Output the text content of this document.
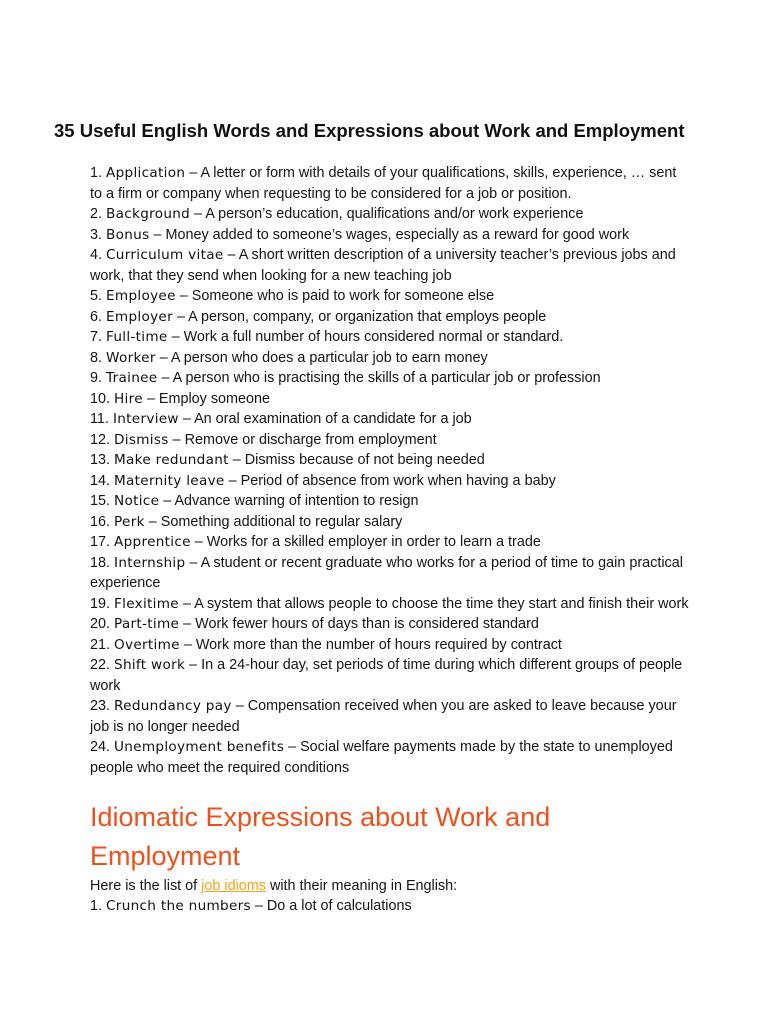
35 Useful English Words and Expressions about Work and Employment
1. Application – A letter or form with details of your qualifications, skills, experience, … sent to a firm or company when requesting to be considered for a job or position.
2. Background – A person’s education, qualifications and/or work experience
3. Bonus – Money added to someone’s wages, especially as a reward for good work
4. Curriculum vitae – A short written description of a university teacher’s previous jobs and work, that they send when looking for a new teaching job
5. Employee – Someone who is paid to work for someone else
6. Employer – A person, company, or organization that employs people
7. Full-time – Work a full number of hours considered normal or standard.
8. Worker – A person who does a particular job to earn money
9. Trainee – A person who is practising the skills of a particular job or profession
10. Hire – Employ someone
11. Interview – An oral examination of a candidate for a job
12. Dismiss – Remove or discharge from employment
13. Make redundant – Dismiss because of not being needed
14. Maternity leave – Period of absence from work when having a baby
15. Notice – Advance warning of intention to resign
16. Perk – Something additional to regular salary
17. Apprentice – Works for a skilled employer in order to learn a trade
18. Internship – A student or recent graduate who works for a period of time to gain practical experience
19. Flexitime – A system that allows people to choose the time they start and finish their work
20. Part-time – Work fewer hours of days than is considered standard
21. Overtime – Work more than the number of hours required by contract
22. Shift work – In a 24-hour day, set periods of time during which different groups of people work
23. Redundancy pay – Compensation received when you are asked to leave because your job is no longer needed
24. Unemployment benefits – Social welfare payments made by the state to unemployed people who meet the required conditions
Idiomatic Expressions about Work and Employment
Here is the list of job idioms with their meaning in English:
1. Crunch the numbers – Do a lot of calculations
